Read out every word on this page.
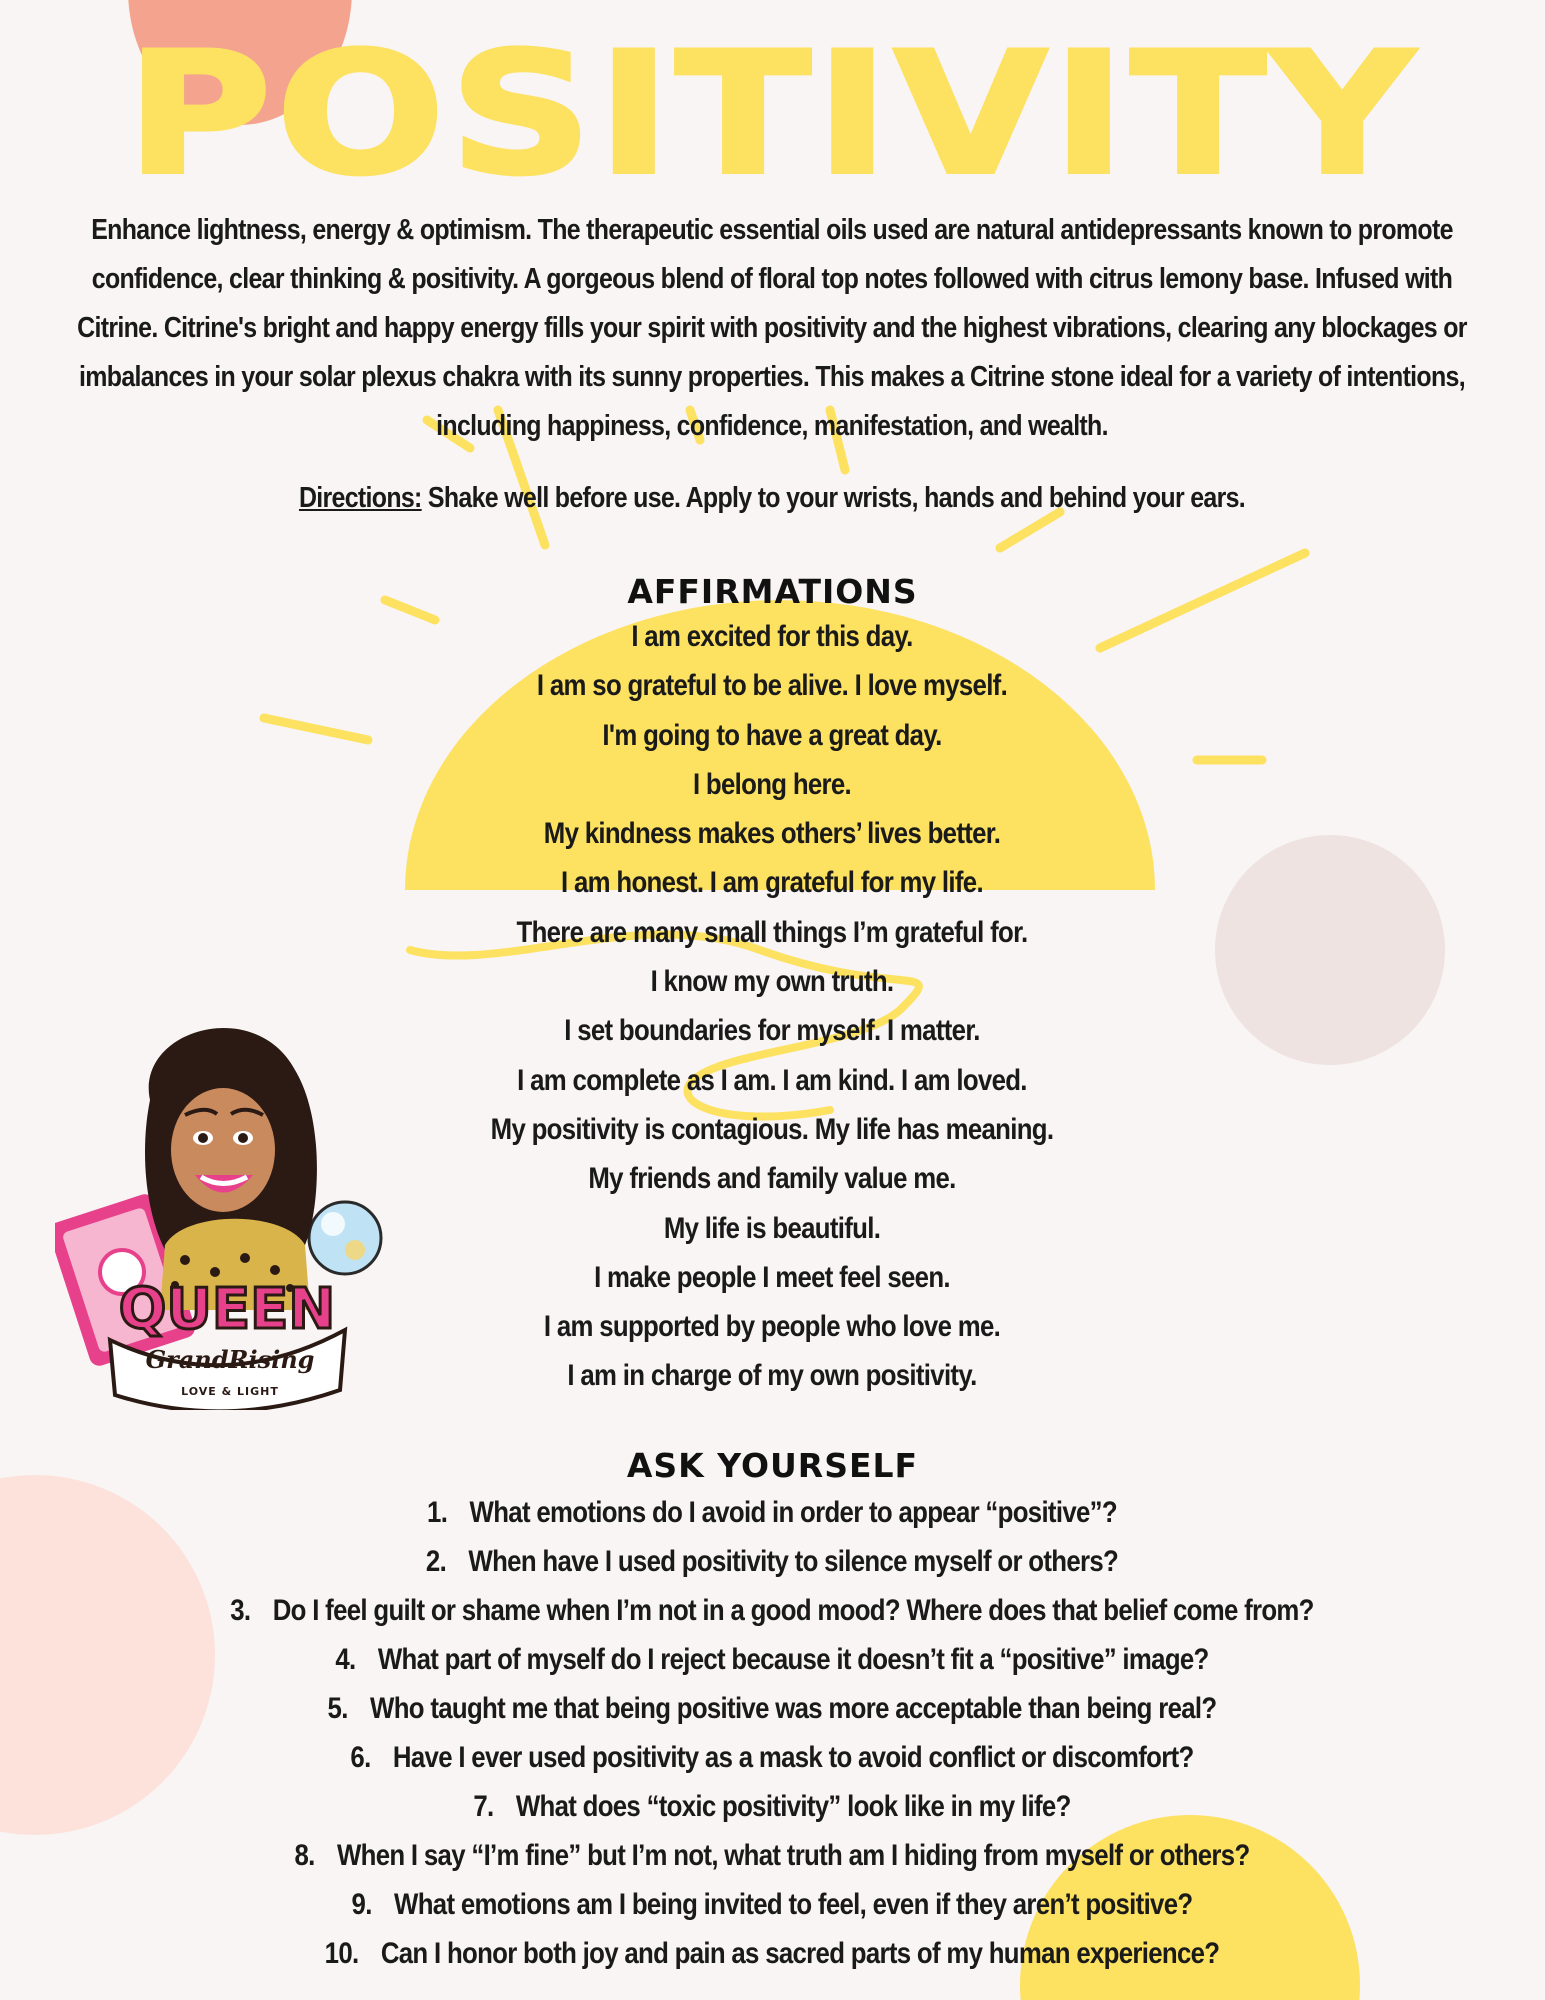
POSITIVITY
Enhance lightness, energy & optimism. The therapeutic essential oils used are natural antidepressants known to promote
confidence, clear thinking & positivity. A gorgeous blend of floral top notes followed with citrus lemony base. Infused with
Citrine. Citrine's bright and happy energy fills your spirit with positivity and the highest vibrations, clearing any blockages or
imbalances in your solar plexus chakra with its sunny properties. This makes a Citrine stone ideal for a variety of intentions,
including happiness, confidence, manifestation, and wealth.
Directions: Shake well before use. Apply to your wrists, hands and behind your ears.
AFFIRMATIONS
I am excited for this day.
I am so grateful to be alive. I love myself.
I'm going to have a great day.
I belong here.
My kindness makes others’ lives better.
I am honest. I am grateful for my life.
There are many small things I’m grateful for.
I know my own truth.
I set boundaries for myself. I matter.
I am complete as I am. I am kind. I am loved.
My positivity is contagious. My life has meaning.
My friends and family value me.
My life is beautiful.
I make people I meet feel seen.
I am supported by people who love me.
I am in charge of my own positivity.
ASK YOURSELF
1. What emotions do I avoid in order to appear “positive”?
2. When have I used positivity to silence myself or others?
3. Do I feel guilt or shame when I’m not in a good mood? Where does that belief come from?
4. What part of myself do I reject because it doesn’t fit a “positive” image?
5. Who taught me that being positive was more acceptable than being real?
6. Have I ever used positivity as a mask to avoid conflict or discomfort?
7. What does “toxic positivity” look like in my life?
8. When I say “I’m fine” but I’m not, what truth am I hiding from myself or others?
9. What emotions am I being invited to feel, even if they aren’t positive?
10. Can I honor both joy and pain as sacred parts of my human experience?
QUEEN
GrandRising
LOVE & LIGHT
